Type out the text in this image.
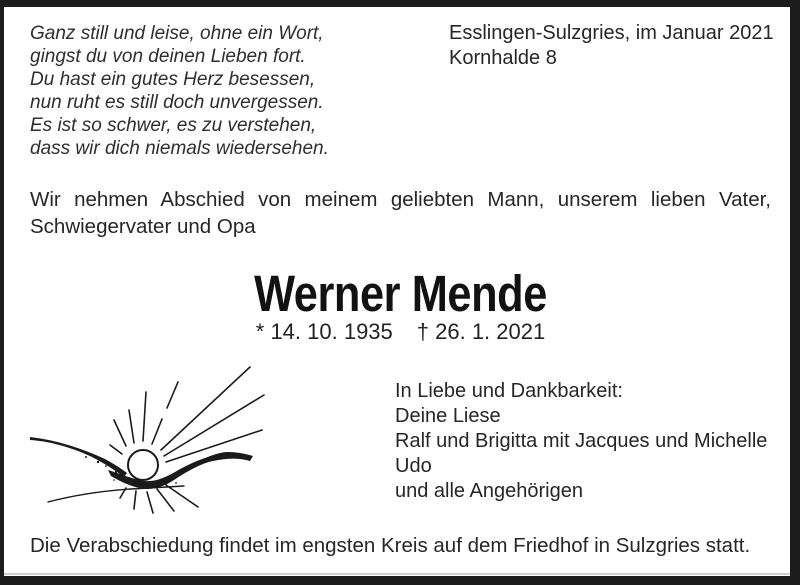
Ganz still und leise, ohne ein Wort,
gingst du von deinen Lieben fort.
Du hast ein gutes Herz besessen,
nun ruht es still doch unvergessen.
Es ist so schwer, es zu verstehen,
dass wir dich niemals wiedersehen.
Esslingen-Sulzgries, im Januar 2021
Kornhalde 8
Wir nehmen Abschied von meinem geliebten Mann, unserem lieben Vater,
Schwiegervater und Opa
Werner Mende
* 14. 10. 1935 † 26. 1. 2021
In Liebe und Dankbarkeit:
Deine Liese
Ralf und Brigitta mit Jacques und Michelle
Udo
und alle Angehörigen
Die Verabschiedung findet im engsten Kreis auf dem Friedhof in Sulzgries statt.
